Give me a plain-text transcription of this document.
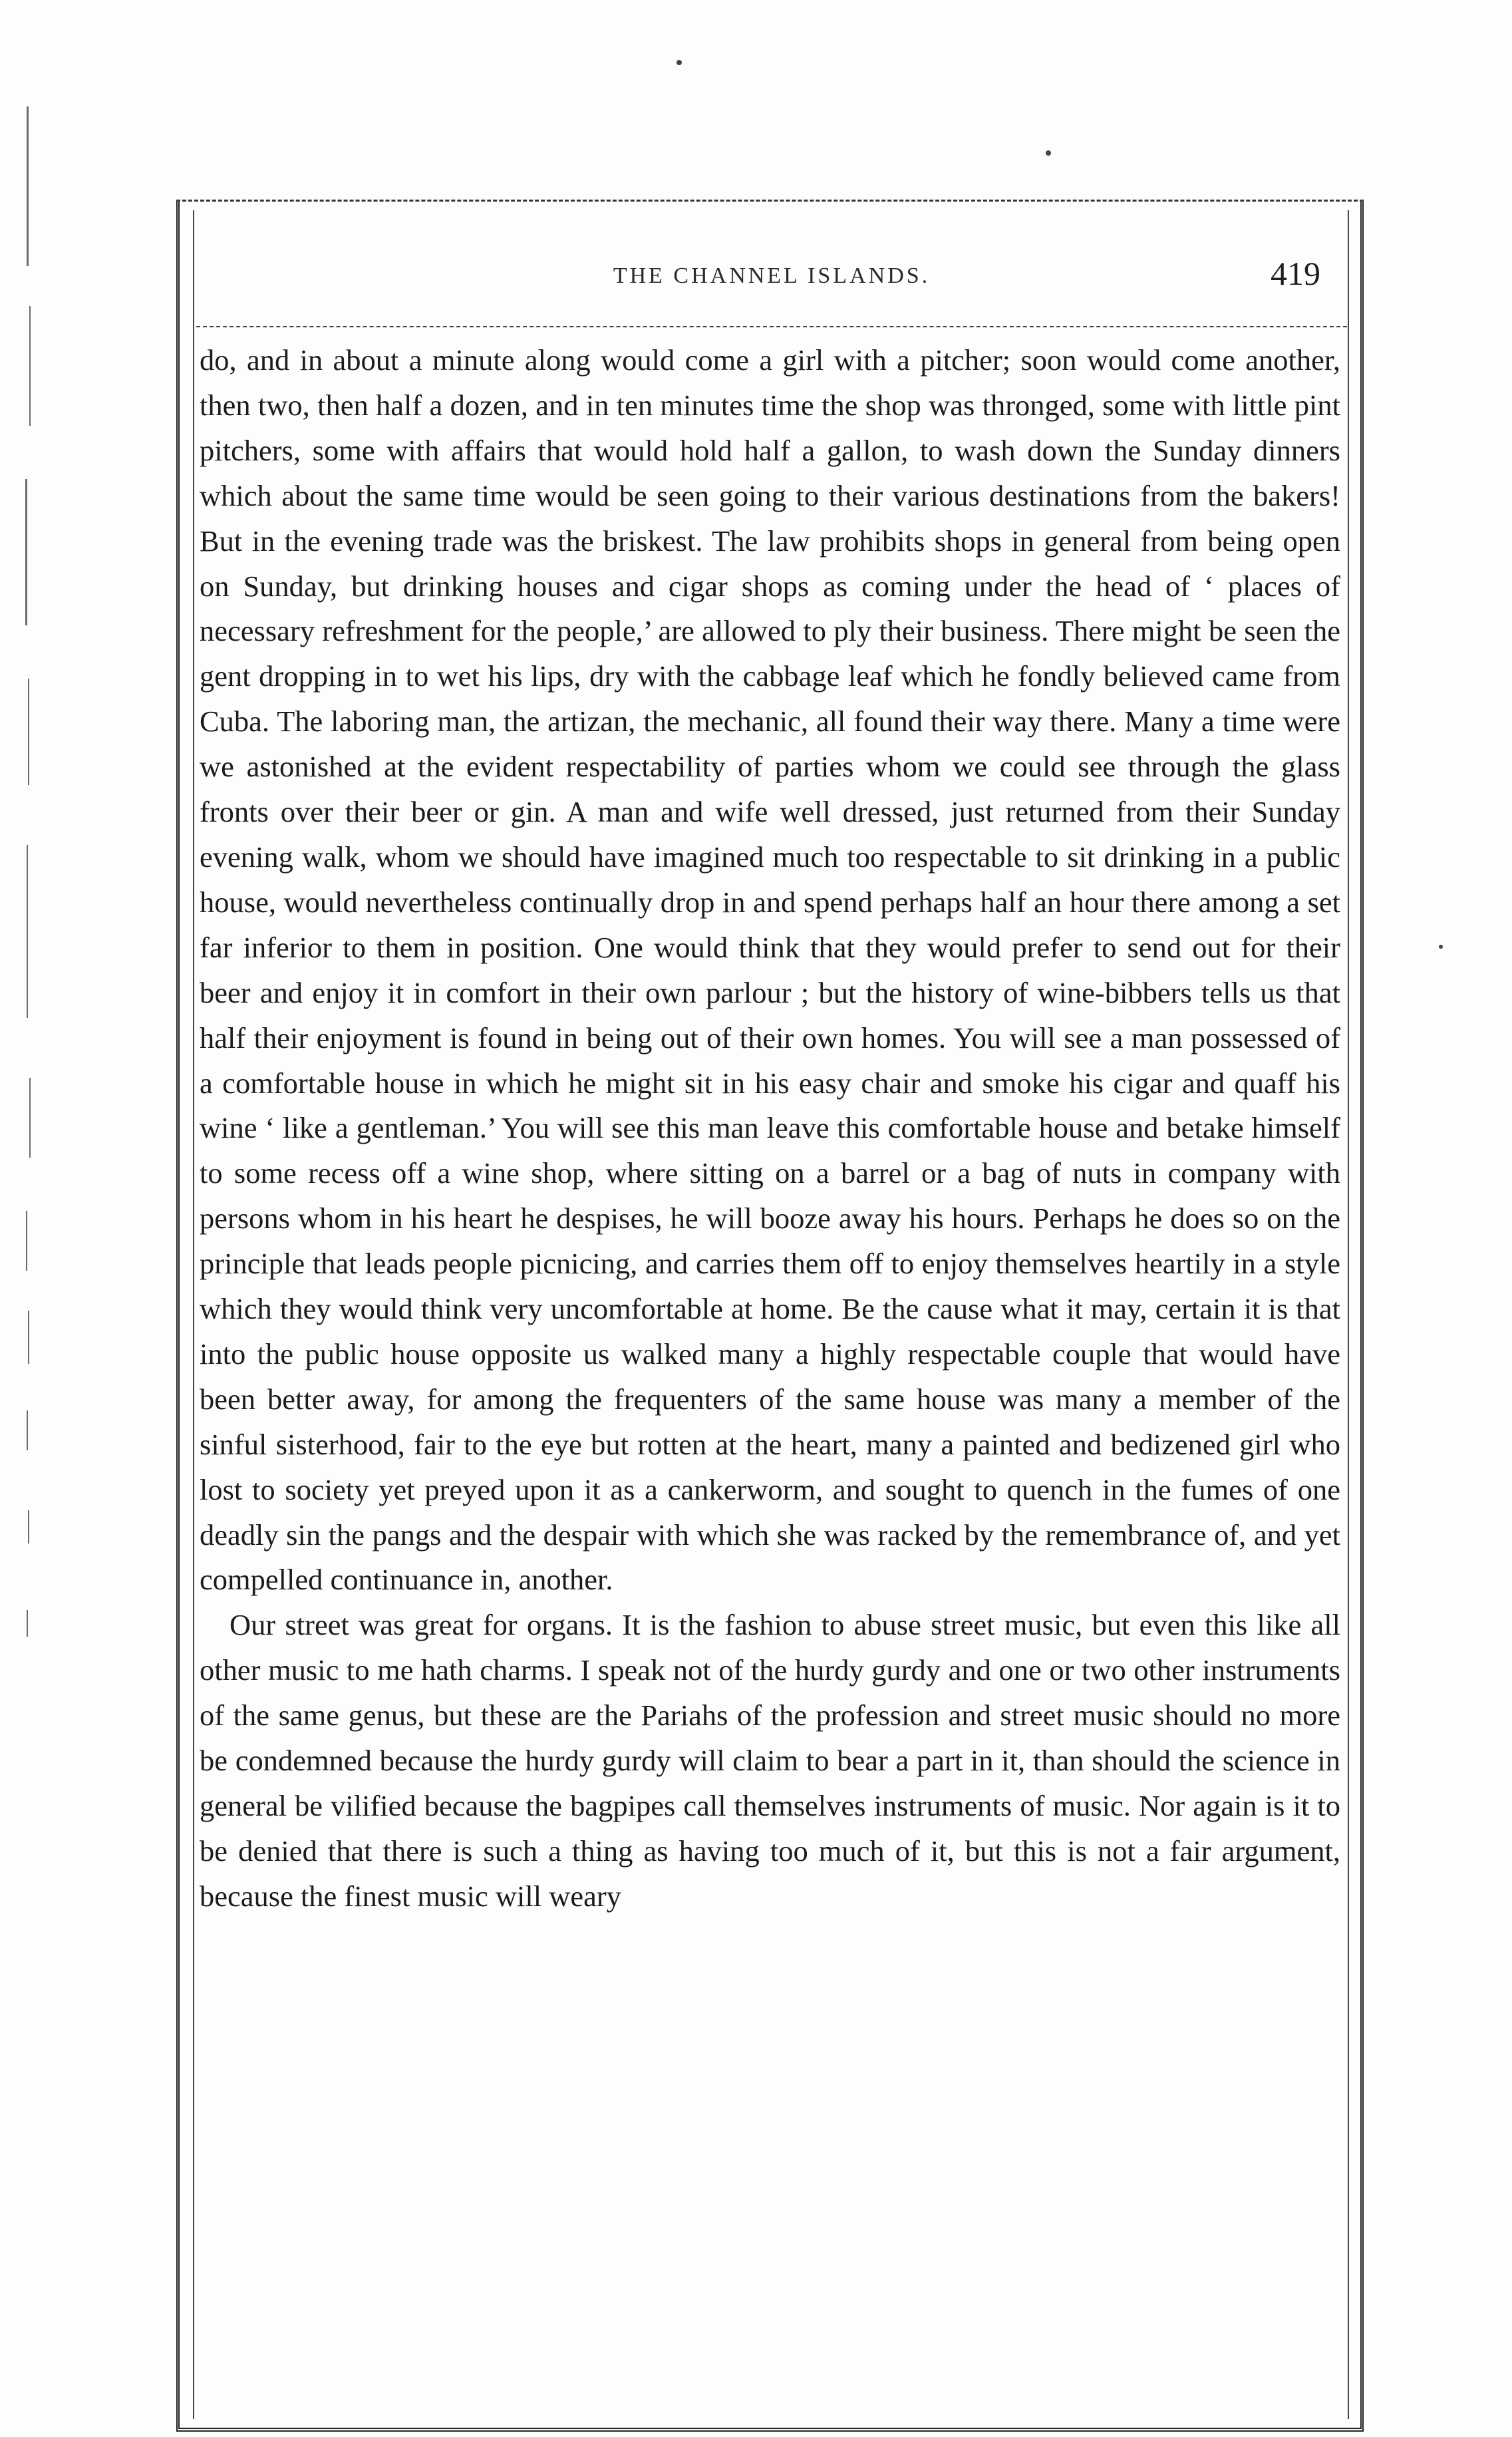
THE CHANNEL ISLANDS.	419

do, and in about a minute along would come a girl with a pitcher; soon would come another, then two, then half a dozen, and in ten minutes time the shop was thronged, some with little pint pitchers, some with affairs that would hold half a gallon, to wash down the Sunday dinners which about the same time would be seen going to their various destinations from the bakers! But in the evening trade was the briskest. The law prohibits shops in general from being open on Sunday, but drinking houses and cigar shops as coming under the head of ‘ places of necessary refreshment for the people,’ are allowed to ply their business. There might be seen the gent dropping in to wet his lips, dry with the cabbage leaf which he fondly believed came from Cuba. The laboring man, the artizan, the mechanic, all found their way there. Many a time were we astonished at the evident respectability of parties whom we could see through the glass fronts over their beer or gin. A man and wife well dressed, just returned from their Sunday evening walk, whom we should have imagined much too respectable to sit drinking in a public house, would nevertheless continually drop in and spend perhaps half an hour there among a set far inferior to them in position. One would think that they would prefer to send out for their beer and enjoy it in comfort in their own parlour ; but the history of wine-bibbers tells us that half their enjoyment is found in being out of their own homes. You will see a man possessed of a comfortable house in which he might sit in his easy chair and smoke his cigar and quaff his wine ‘ like a gentleman.’ You will see this man leave this comfortable house and betake himself to some recess off a wine shop, where sitting on a barrel or a bag of nuts in company with persons whom in his heart he despises, he will booze away his hours. Perhaps he does so on the principle that leads people picnicing, and carries them off to enjoy themselves heartily in a style which they would think very uncomfortable at home. Be the cause what it may, certain it is that into the public house opposite us walked many a highly respectable couple that would have been better away, for among the frequenters of the same house was many a member of the sinful sisterhood, fair to the eye but rotten at the heart, many a painted and bedizened girl who lost to society yet preyed upon it as a cankerworm, and sought to quench in the fumes of one deadly sin the pangs and the despair with which she was racked by the remembrance of, and yet compelled continuance in, another.

Our street was great for organs. It is the fashion to abuse street music, but even this like all other music to me hath charms. I speak not of the hurdy gurdy and one or two other instruments of the same genus, but these are the Pariahs of the profession and street music should no more be condemned because the hurdy gurdy will claim to bear a part in it, than should the science in general be vilified because the bagpipes call themselves instruments of music. Nor again is it to be denied that there is such a thing as having too much of it, but this is not a fair argument, because the finest music will weary
